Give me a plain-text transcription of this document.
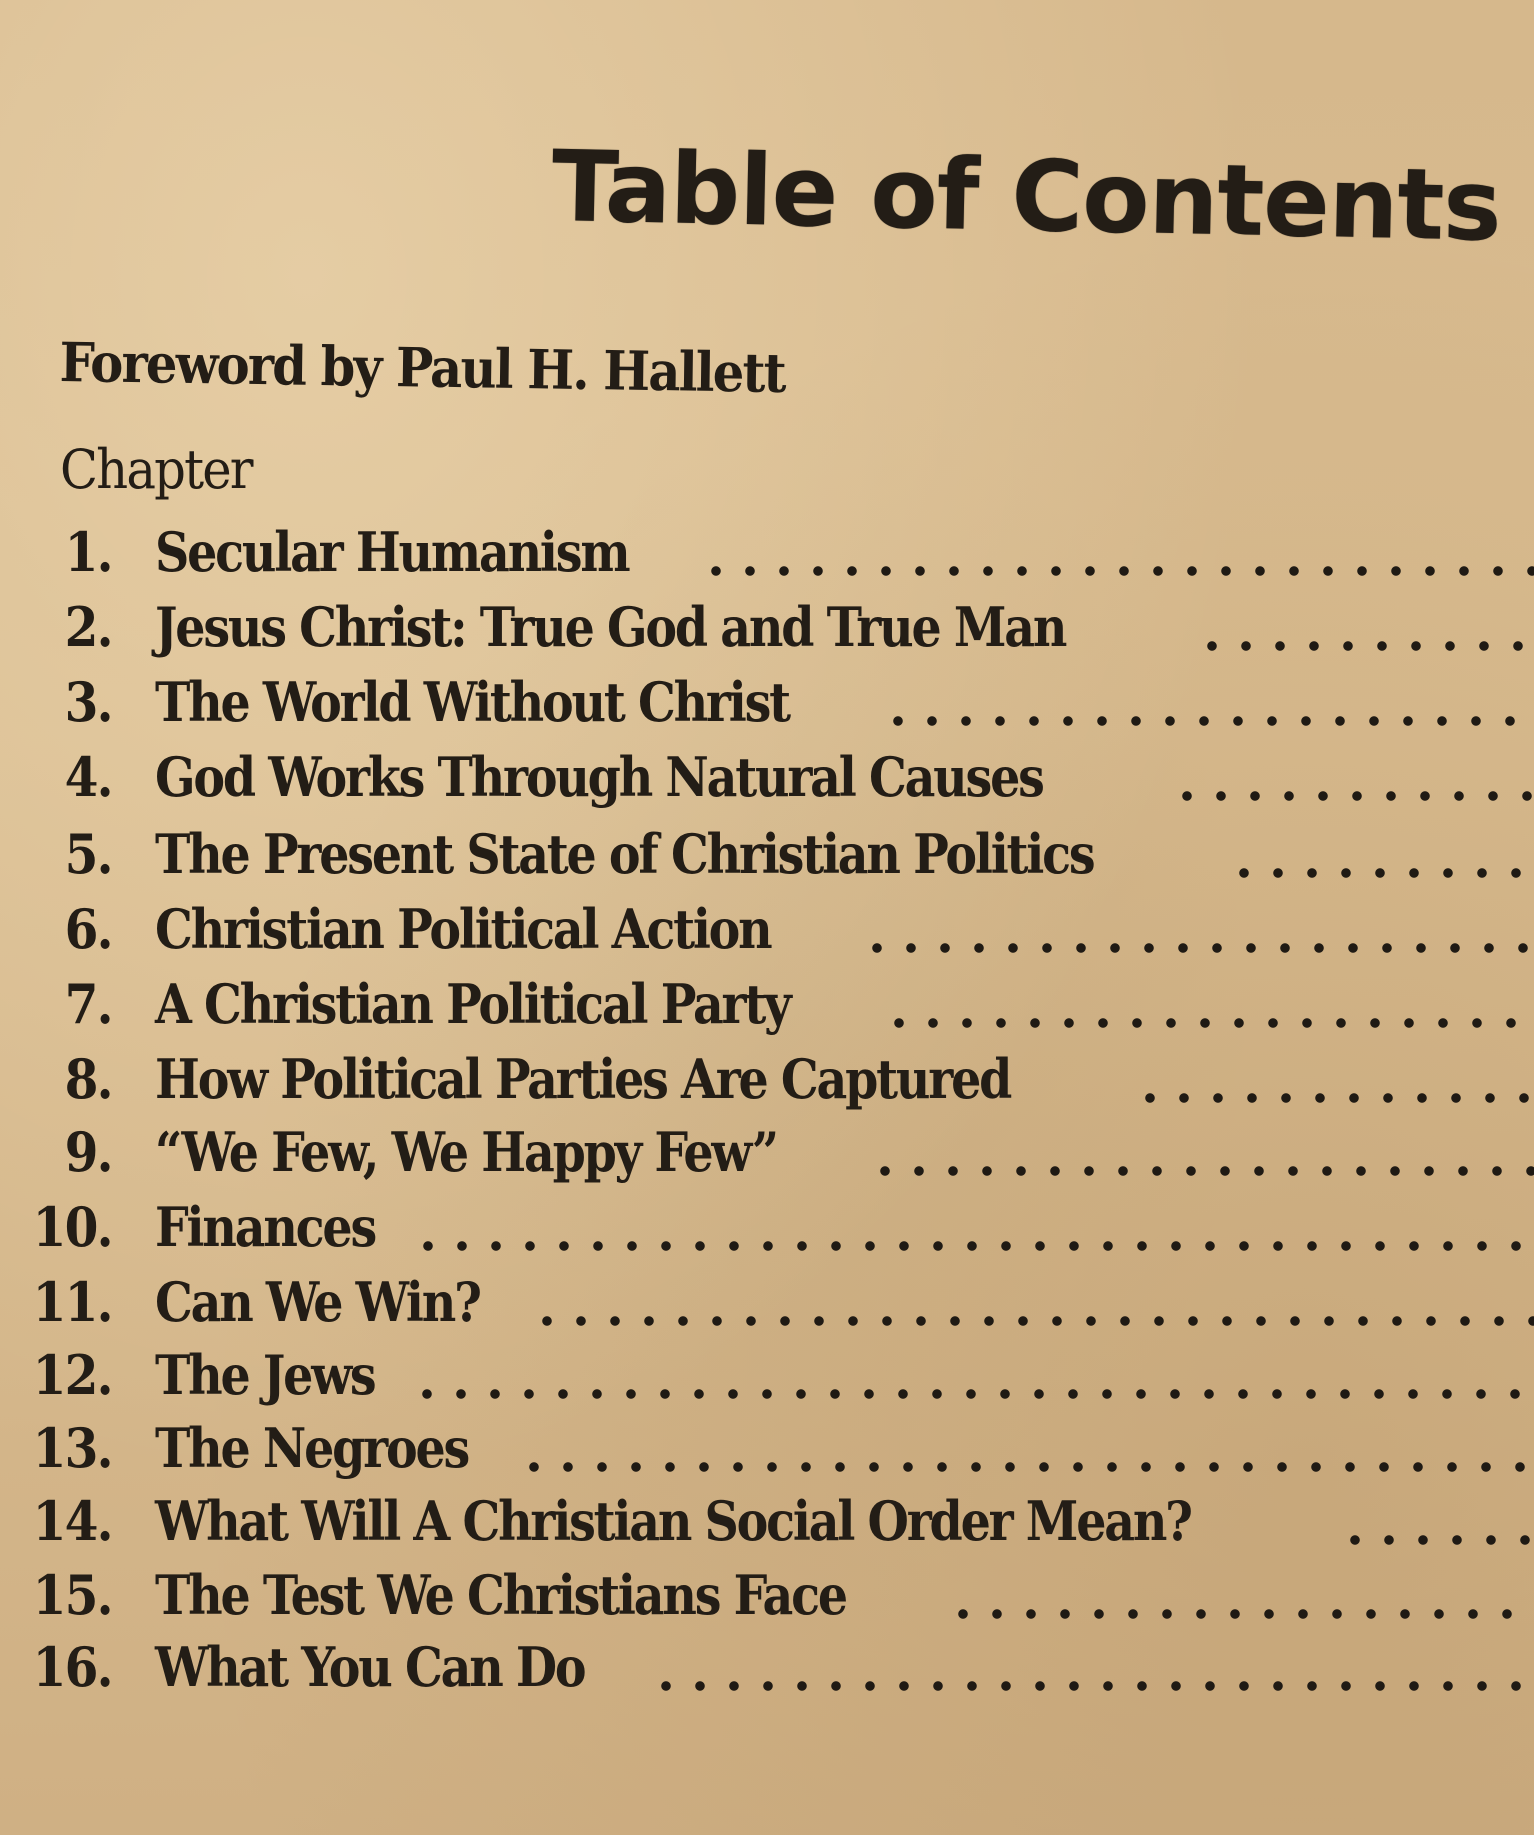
Table of Contents
Foreword by Paul H. Hallett
Chapter
1. Secular Humanism
2. Jesus Christ: True God and True Man
3. The World Without Christ
4. God Works Through Natural Causes
5. The Present State of Christian Politics
6. Christian Political Action
7. A Christian Political Party
8. How Political Parties Are Captured
9. “We Few, We Happy Few”
10. Finances
11. Can We Win?
12. The Jews
13. The Negroes
14. What Will A Christian Social Order Mean?
15. The Test We Christians Face
16. What You Can Do
